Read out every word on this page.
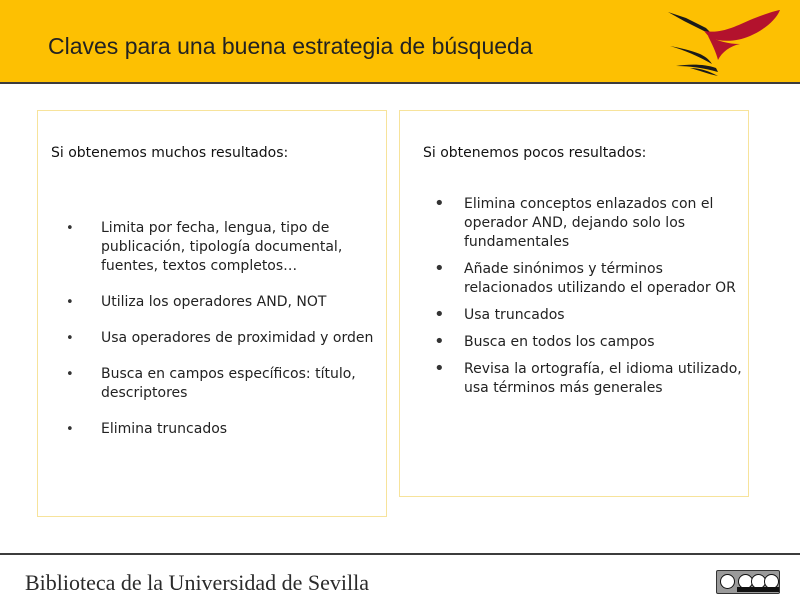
Claves para una buena estrategia de búsqueda
Si obtenemos muchos resultados:
• Limita por fecha, lengua, tipo de publicación, tipología documental, fuentes, textos completos…
• Utiliza los operadores AND, NOT
• Usa operadores de proximidad y orden
• Busca en campos específicos: título, descriptores
• Elimina truncados
Si obtenemos pocos resultados:
• Elimina conceptos enlazados con el operador AND, dejando solo los fundamentales
• Añade sinónimos y términos relacionados utilizando el operador OR
• Usa truncados
• Busca en todos los campos
• Revisa la ortografía, el idioma utilizado, usa términos más generales
Biblioteca de la Universidad de Sevilla
